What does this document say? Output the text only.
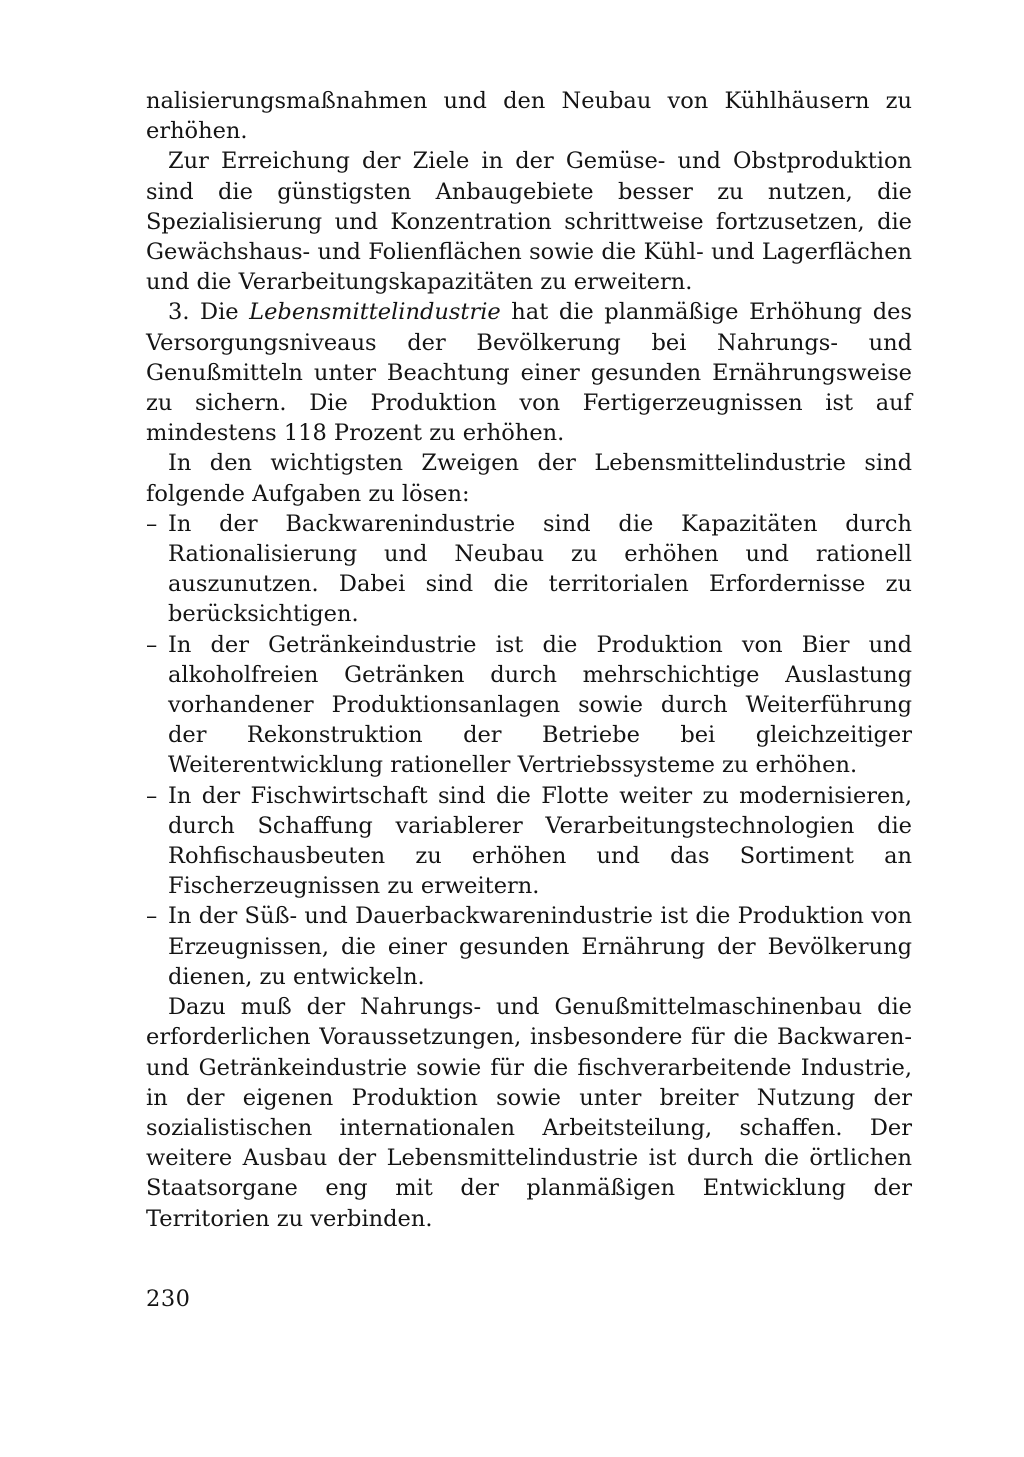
nalisierungsmaßnahmen und den Neubau von Kühlhäusern zu erhöhen.

Zur Erreichung der Ziele in der Gemüse- und Obstproduktion sind die günstigsten Anbaugebiete besser zu nutzen, die Spezialisierung und Konzentration schrittweise fortzusetzen, die Gewächshaus- und Folienflächen sowie die Kühl- und Lagerflächen und die Verarbeitungskapazitäten zu erweitern.

3. Die Lebensmittelindustrie hat die planmäßige Erhöhung des Versorgungsniveaus der Bevölkerung bei Nahrungs- und Genußmitteln unter Beachtung einer gesunden Ernährungsweise zu sichern. Die Produktion von Fertigerzeugnissen ist auf mindestens 118 Prozent zu erhöhen.

In den wichtigsten Zweigen der Lebensmittelindustrie sind folgende Aufgaben zu lösen:

– In der Backwarenindustrie sind die Kapazitäten durch Rationalisierung und Neubau zu erhöhen und rationell auszunutzen. Dabei sind die territorialen Erfordernisse zu berücksichtigen.
– In der Getränkeindustrie ist die Produktion von Bier und alkoholfreien Getränken durch mehrschichtige Auslastung vorhandener Produktionsanlagen sowie durch Weiterführung der Rekonstruktion der Betriebe bei gleichzeitiger Weiterentwicklung rationeller Vertriebssysteme zu erhöhen.
– In der Fischwirtschaft sind die Flotte weiter zu modernisieren, durch Schaffung variablerer Verarbeitungstechnologien die Rohfischausbeuten zu erhöhen und das Sortiment an Fischerzeugnissen zu erweitern.
– In der Süß- und Dauerbackwarenindustrie ist die Produktion von Erzeugnissen, die einer gesunden Ernährung der Bevölkerung dienen, zu entwickeln.

Dazu muß der Nahrungs- und Genußmittelmaschinenbau die erforderlichen Voraussetzungen, insbesondere für die Backwaren- und Getränkeindustrie sowie für die fischverarbeitende Industrie, in der eigenen Produktion sowie unter breiter Nutzung der sozialistischen internationalen Arbeitsteilung, schaffen. Der weitere Ausbau der Lebensmittelindustrie ist durch die örtlichen Staatsorgane eng mit der planmäßigen Entwicklung der Territorien zu verbinden.

230
